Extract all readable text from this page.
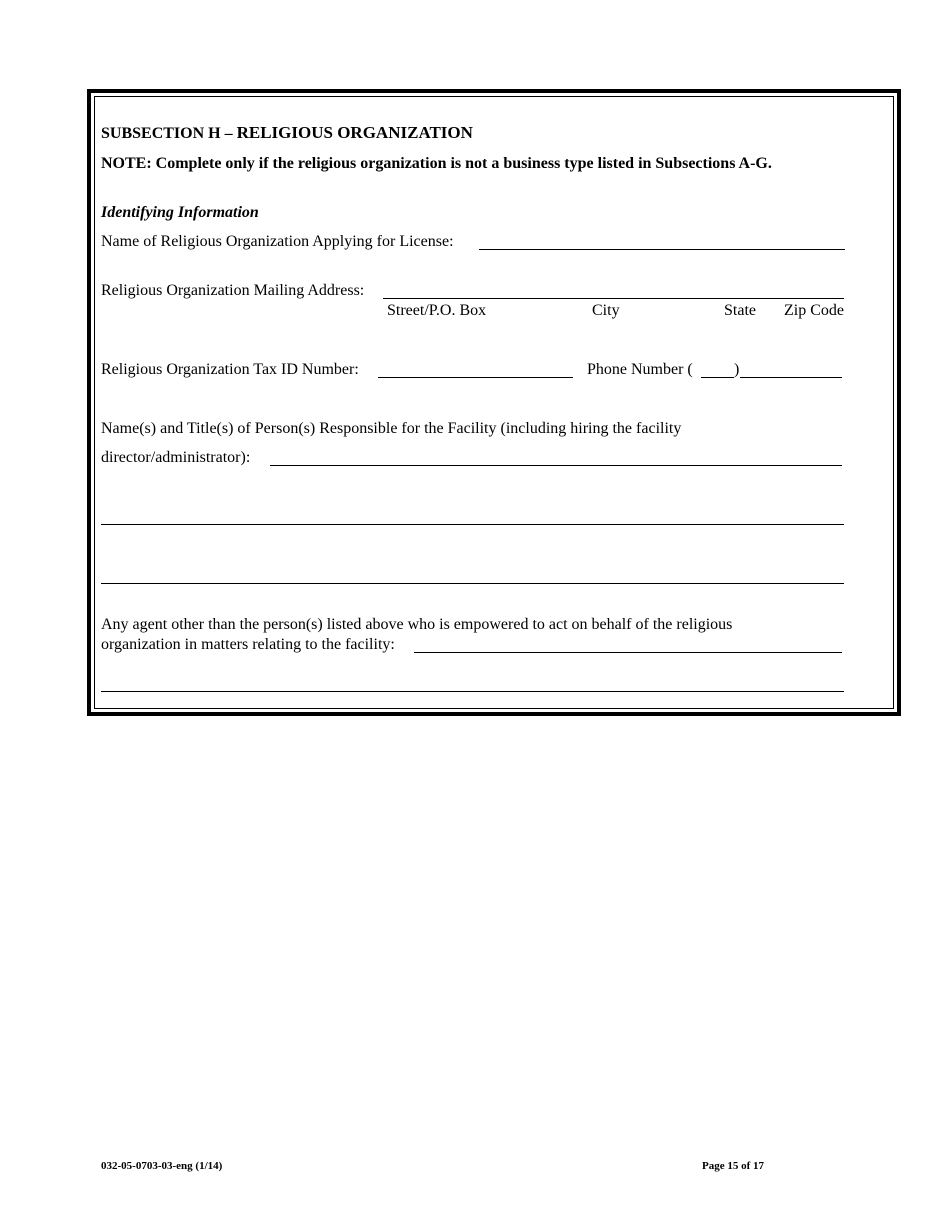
SUBSECTION H – RELIGIOUS ORGANIZATION
NOTE: Complete only if the religious organization is not a business type listed in Subsections A-G.
Identifying Information
Name of Religious Organization Applying for License:
Religious Organization Mailing Address:
Street/P.O. Box	City	State Zip Code
Religious Organization Tax ID Number:	Phone Number (	)
Name(s) and Title(s) of Person(s) Responsible for the Facility (including hiring the facility
director/administrator):
Any agent other than the person(s) listed above who is empowered to act on behalf of the religious
organization in matters relating to the facility:
032-05-0703-03-eng (1/14)	Page 15 of 17
